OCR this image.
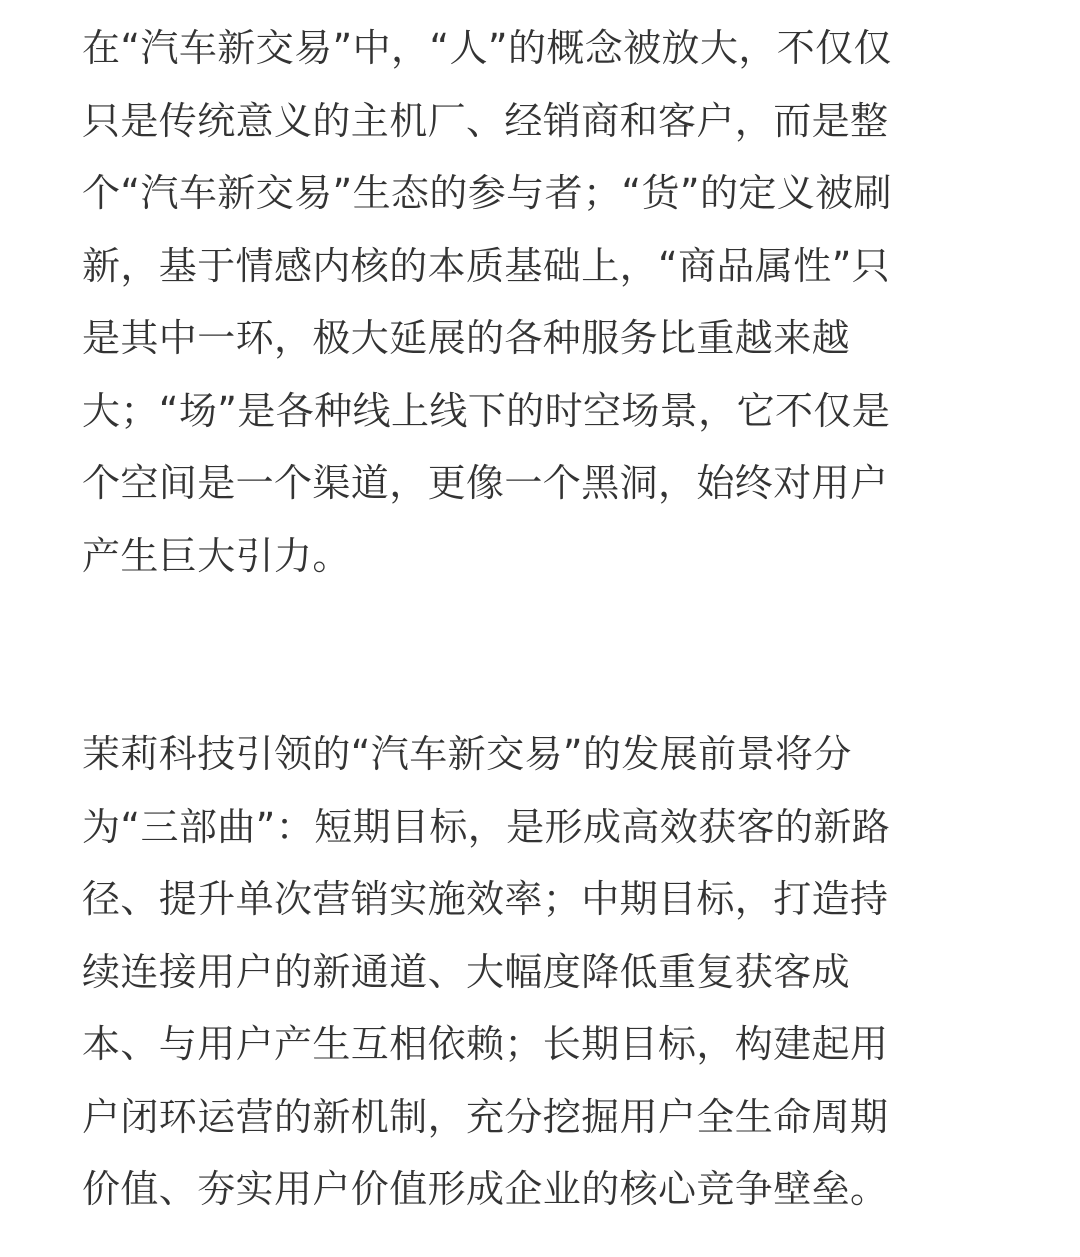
在“汽车新交易”中，“人”的概念被放大，不仅仅
只是传统意义的主机厂、经销商和客户，而是整
个“汽车新交易”生态的参与者；“货”的定义被刷
新，基于情感内核的本质基础上，“商品属性”只
是其中一环，极大延展的各种服务比重越来越
大；“场”是各种线上线下的时空场景，它不仅是
个空间是一个渠道，更像一个黑洞，始终对用户
产生巨大引力。
茉莉科技引领的“汽车新交易”的发展前景将分
为“三部曲”：短期目标，是形成高效获客的新路
径、提升单次营销实施效率；中期目标，打造持
续连接用户的新通道、大幅度降低重复获客成
本、与用户产生互相依赖；长期目标，构建起用
户闭环运营的新机制，充分挖掘用户全生命周期
价值、夯实用户价值形成企业的核心竞争壁垒。
